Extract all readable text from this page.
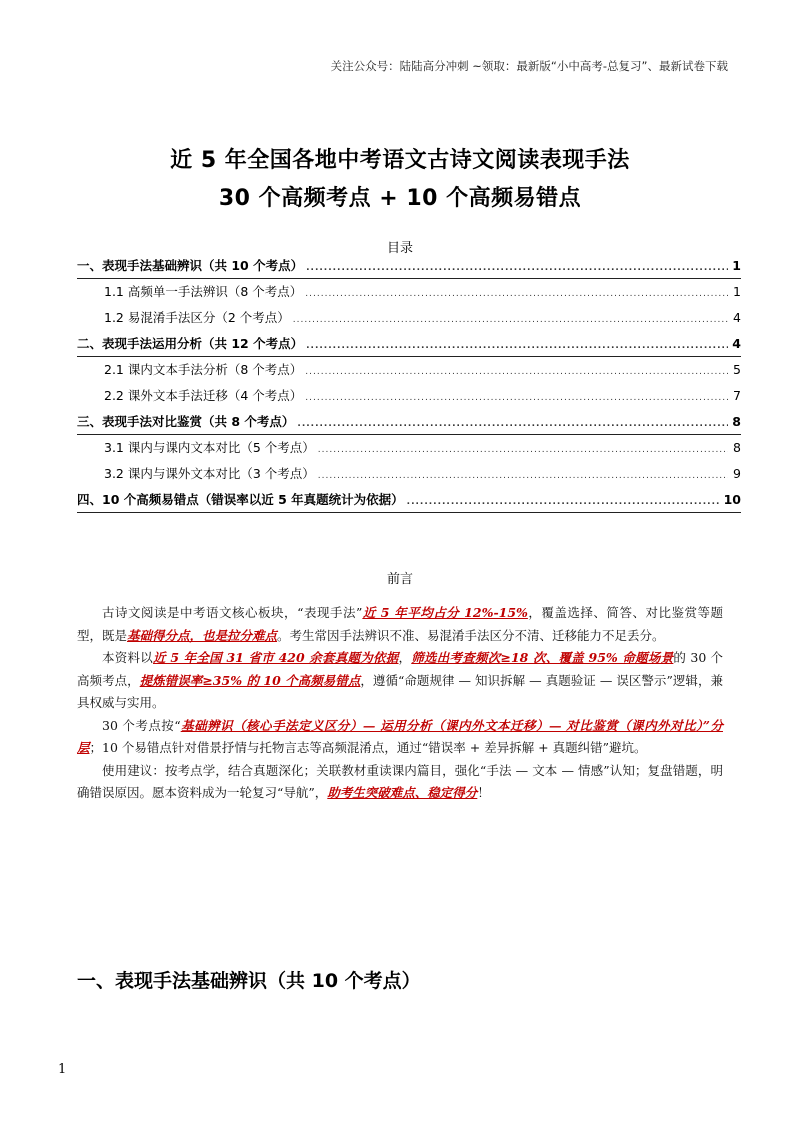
关注公众号：陆陆高分冲刺 ~领取：最新版“小中高考-总复习”、最新试卷下载
近 5 年全国各地中考语文古诗文阅读表现手法
30 个高频考点 + 10 个高频易错点
目录
一、表现手法基础辨识（共 10 个考点） .....	1
1.1 高频单一手法辨识（8 个考点） .....	1
1.2 易混淆手法区分（2 个考点） .....	4
二、表现手法运用分析（共 12 个考点） .....	4
2.1 课内文本手法分析（8 个考点） .....	5
2.2 课外文本手法迁移（4 个考点） .....	7
三、表现手法对比鉴赏（共 8 个考点） .....	8
3.1 课内与课内文本对比（5 个考点） .....	8
3.2 课内与课外文本对比（3 个考点） .....	9
四、10 个高频易错点（错误率以近 5 年真题统计为依据） .....	10
前言

古诗文阅读是中考语文核心板块，“表现手法”近 5 年平均占分 12%-15%，覆盖选择、简答、对比鉴赏等题型，既是基础得分点，也是拉分难点。考生常因手法辨识不准、易混淆手法区分不清、迁移能力不足丢分。

本资料以近 5 年全国 31 省市 420 余套真题为依据，筛选出考查频次≥18 次、覆盖 95% 命题场景的 30 个高频考点，提炼错误率≥35% 的 10 个高频易错点，遵循“命题规律 — 知识拆解 — 真题验证 — 误区警示”逻辑，兼具权威与实用。

30 个考点按“基础辨识（核心手法定义区分）— 运用分析（课内外文本迁移）— 对比鉴赏（课内外对比）”分层；10 个易错点针对借景抒情与托物言志等高频混淆点，通过“错误率 + 差异拆解 + 真题纠错”避坑。

使用建议：按考点学，结合真题深化；关联教材重读课内篇目，强化“手法 — 文本 — 情感”认知；复盘错题，明确错误原因。愿本资料成为一轮复习“导航”，助考生突破难点、稳定得分！

一、表现手法基础辨识（共 10 个考点）
1
